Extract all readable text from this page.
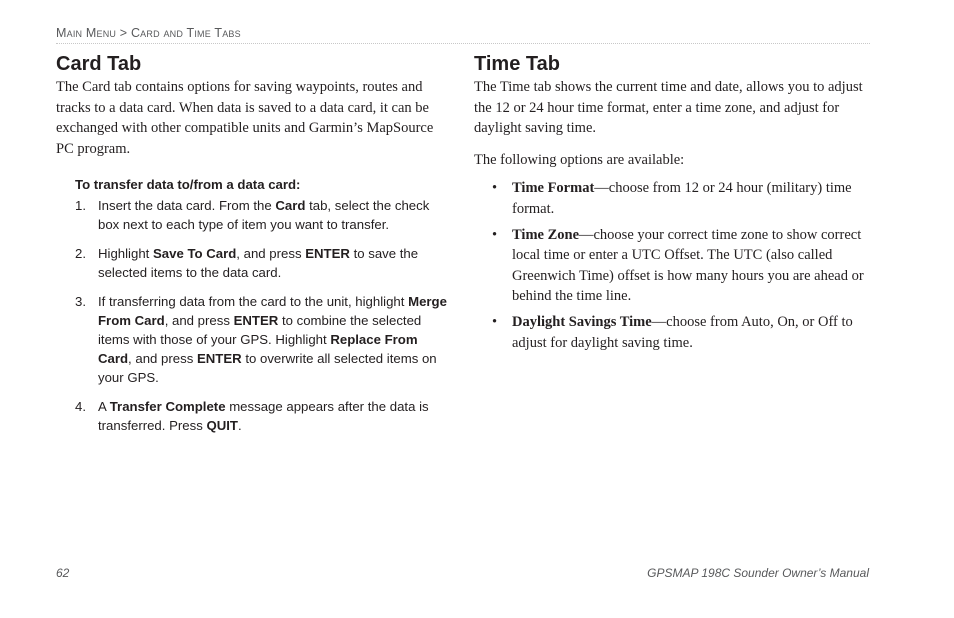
Main Menu > Card and Time Tabs
Card Tab

The Card tab contains options for saving waypoints, routes and tracks to a data card. When data is saved to a data card, it can be exchanged with other compatible units and Garmin’s MapSource PC program.

To transfer data to/from a data card:
1. Insert the data card. From the Card tab, select the check box next to each type of item you want to transfer.
2. Highlight Save To Card, and press ENTER to save the selected items to the data card.
3. If transferring data from the card to the unit, highlight Merge From Card, and press ENTER to combine the selected items with those of your GPS. Highlight Replace From Card, and press ENTER to overwrite all selected items on your GPS.
4. A Transfer Complete message appears after the data is transferred. Press QUIT.
Time Tab

The Time tab shows the current time and date, allows you to adjust the 12 or 24 hour time format, enter a time zone, and adjust for daylight saving time.

The following options are available:

• Time Format—choose from 12 or 24 hour (military) time format.
• Time Zone—choose your correct time zone to show correct local time or enter a UTC Offset. The UTC (also called Greenwich Time) offset is how many hours you are ahead or behind the time line.
• Daylight Savings Time—choose from Auto, On, or Off to adjust for daylight saving time.
62	GPSMAP 198C Sounder Owner’s Manual
